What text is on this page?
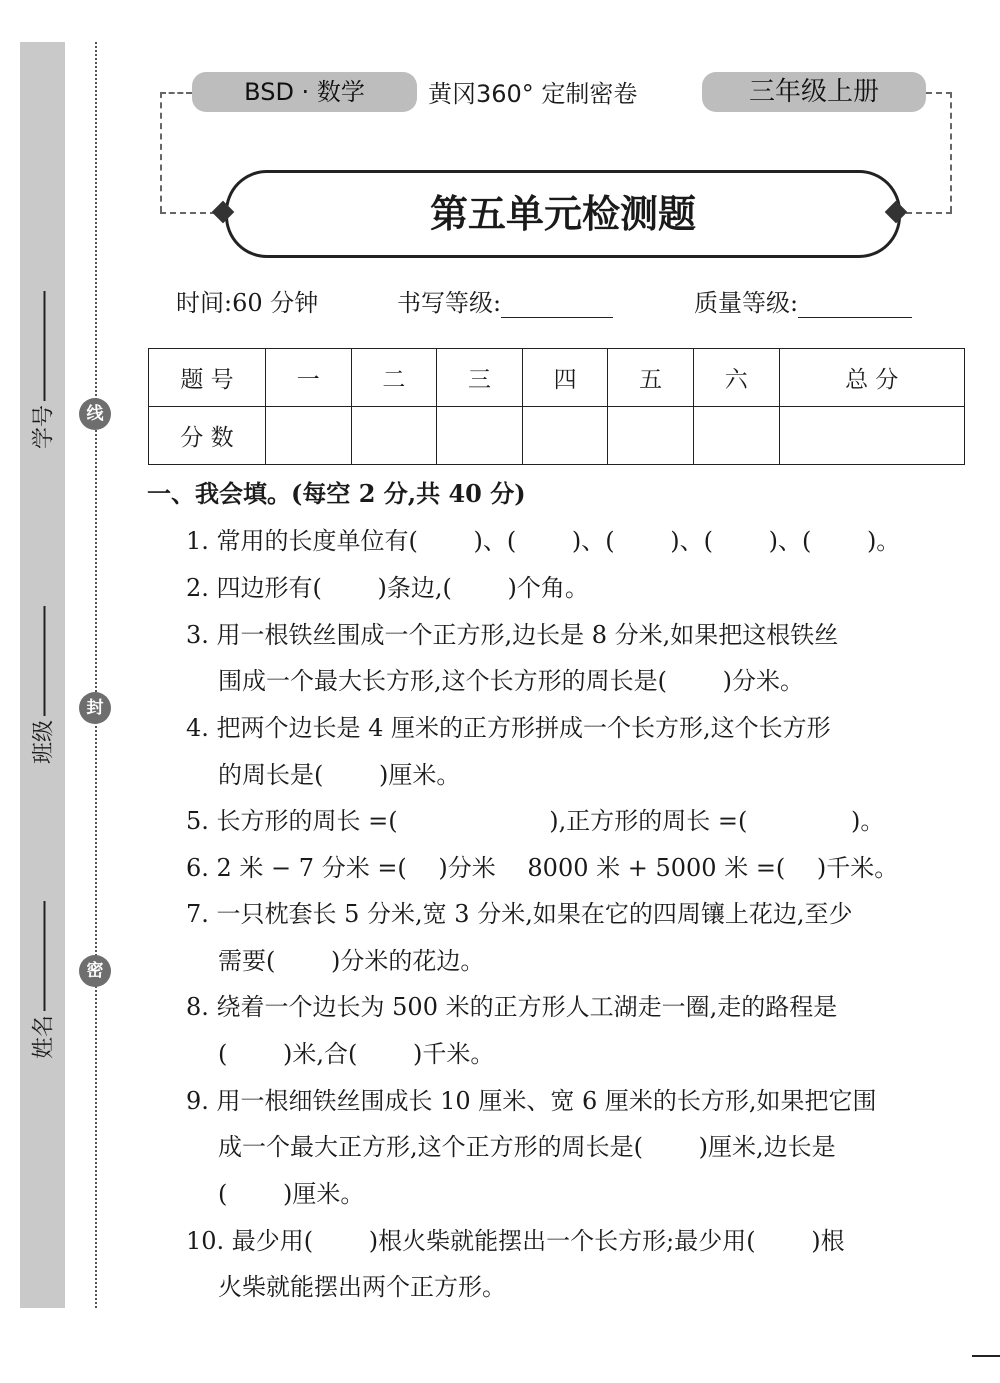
姓名
班级
学号
密
封
线
BSD · 数学	黄冈360° 定制密卷	三年级上册
第五单元检测题
时间:60 分钟	书写等级:	质量等级:
题 号	一	二	三	四	五	六	总 分
分 数							
一、我会填。(每空 2 分,共 40 分)
1. 常用的长度单位有(　　 )、(　　 )、(　　 )、(　　 )、(　　 )。
2. 四边形有(　　 )条边,(　　 )个角。
3. 用一根铁丝围成一个正方形,边长是 8 分米,如果把这根铁丝
围成一个最大长方形,这个长方形的周长是(　　 )分米。
4. 把两个边长是 4 厘米的正方形拼成一个长方形,这个长方形
的周长是(　　 )厘米。
5. 长方形的周长 =(　　　　　　 ),正方形的周长 =(　　　　 )。
6. 2 米 − 7 分米 =(　 )分米　 8000 米 + 5000 米 =(　 )千米。
7. 一只枕套长 5 分米,宽 3 分米,如果在它的四周镶上花边,至少
需要(　　 )分米的花边。
8. 绕着一个边长为 500 米的正方形人工湖走一圈,走的路程是
(　　 )米,合(　　 )千米。
9. 用一根细铁丝围成长 10 厘米、宽 6 厘米的长方形,如果把它围
成一个最大正方形,这个正方形的周长是(　　 )厘米,边长是
(　　 )厘米。
10. 最少用(　　 )根火柴就能摆出一个长方形;最少用(　　 )根
火柴就能摆出两个正方形。
